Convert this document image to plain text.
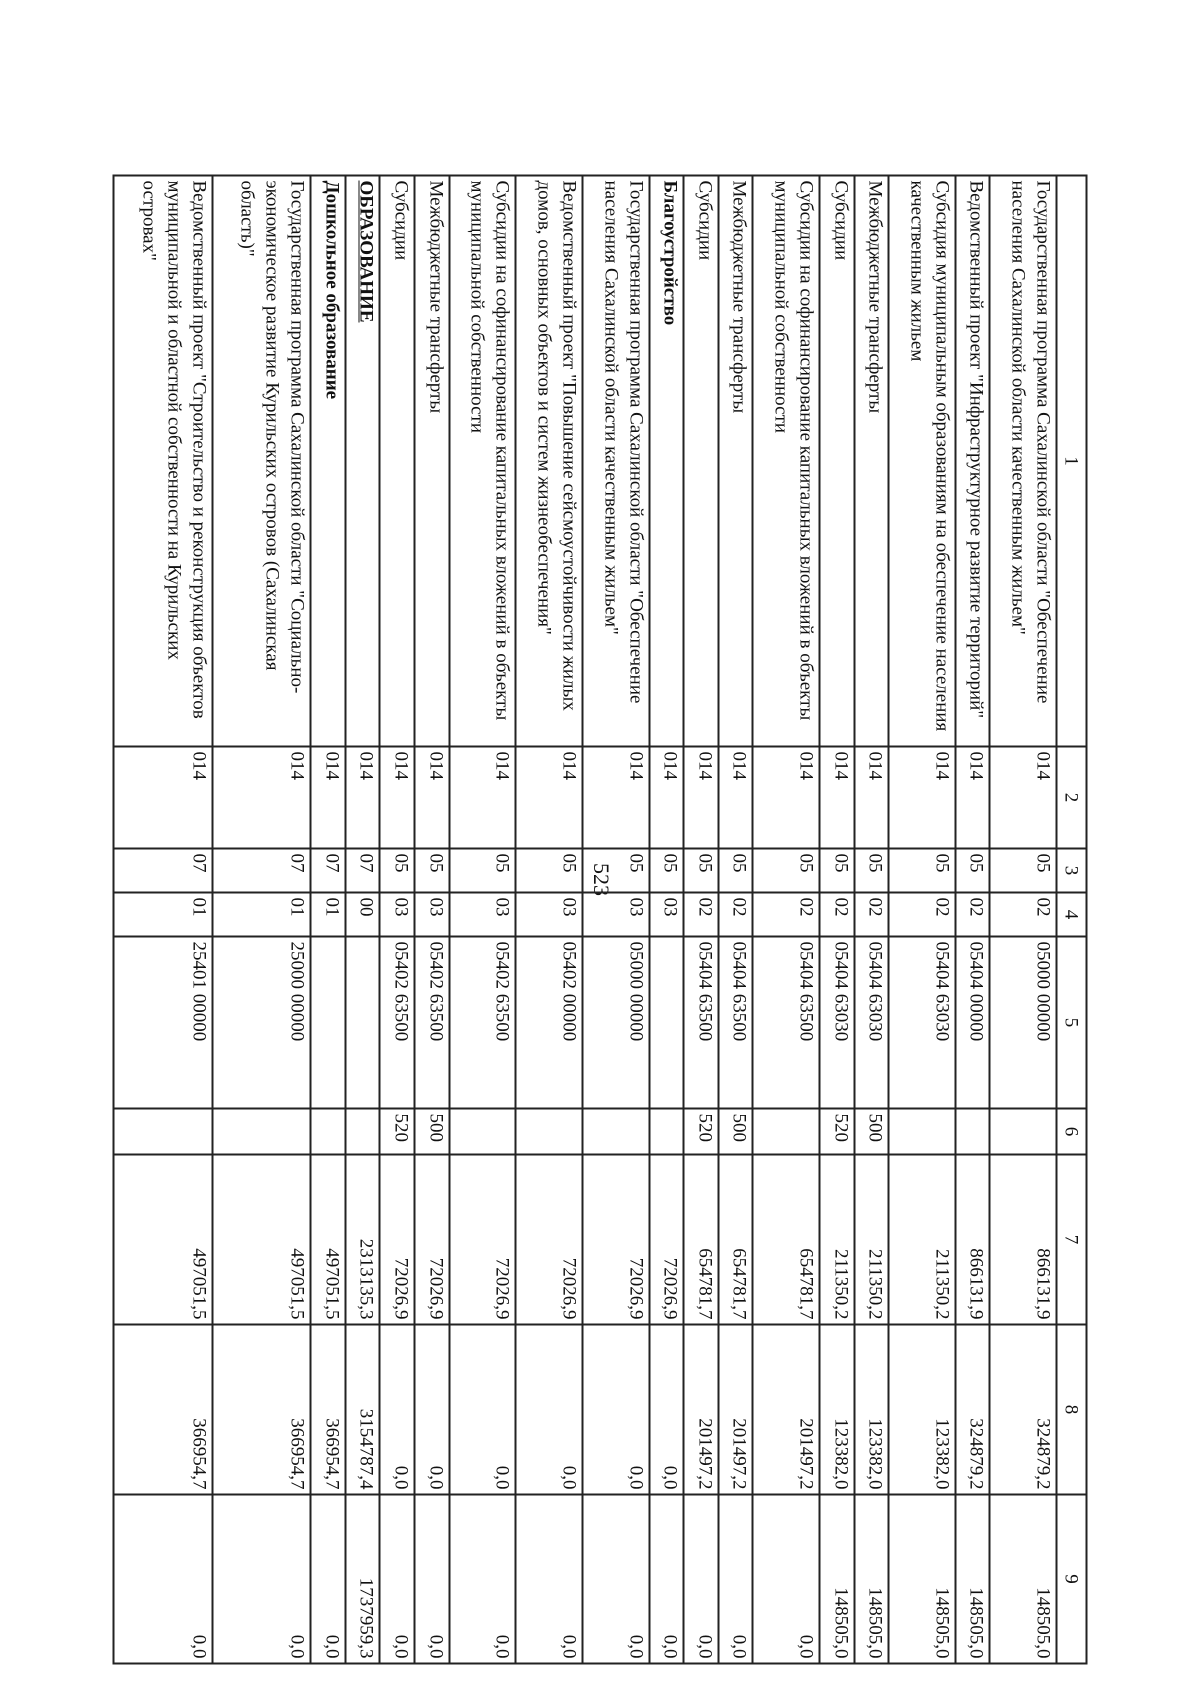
523
1	2	3	4	5	6	7	8	9
Государственная программа Сахалинской области "Обеспечение населения Сахалинской области качественным жильем"	014	05	02	05000 00000		866131,9	324879,2	148505,0
Ведомственный проект "Инфраструктурное развитие территорий"	014	05	02	05404 00000		866131,9	324879,2	148505,0
Субсидия муниципальным образованиям на обеспечение населения качественным жильем	014	05	02	05404 63030		211350,2	123382,0	148505,0
Межбюджетные трансферты	014	05	02	05404 63030	500	211350,2	123382,0	148505,0
Субсидии	014	05	02	05404 63030	520	211350,2	123382,0	148505,0
Субсидии на софинансирование капитальных вложений в объекты муниципальной собственности	014	05	02	05404 63500		654781,7	201497,2	0,0
Межбюджетные трансферты	014	05	02	05404 63500	500	654781,7	201497,2	0,0
Субсидии	014	05	02	05404 63500	520	654781,7	201497,2	0,0
Благоустройство	014	05	03			72026,9	0,0	0,0
Государственная программа Сахалинской области "Обеспечение населения Сахалинской области качественным жильем"	014	05	03	05000 00000		72026,9	0,0	0,0
Ведомственный проект "Повышение сейсмоустойчивости жилых домов, основных объектов и систем жизнеобеспечения"	014	05	03	05402 00000		72026,9	0,0	0,0
Субсидии на софинансирование капитальных вложений в объекты муниципальной собственности	014	05	03	05402 63500		72026,9	0,0	0,0
Межбюджетные трансферты	014	05	03	05402 63500	500	72026,9	0,0	0,0
Субсидии	014	05	03	05402 63500	520	72026,9	0,0	0,0
ОБРАЗОВАНИЕ	014	07	00			2313135,3	3154787,4	1737959,3
Дошкольное образование	014	07	01			497051,5	366954,7	0,0
Государственная программа Сахалинской области "Социально-экономическое развитие Курильских островов (Сахалинская область)"	014	07	01	25000 00000		497051,5	366954,7	0,0
Ведомственный проект "Строительство и реконструкция объектов муниципальной и областной собственности на Курильских островах"	014	07	01	25401 00000		497051,5	366954,7	0,0
